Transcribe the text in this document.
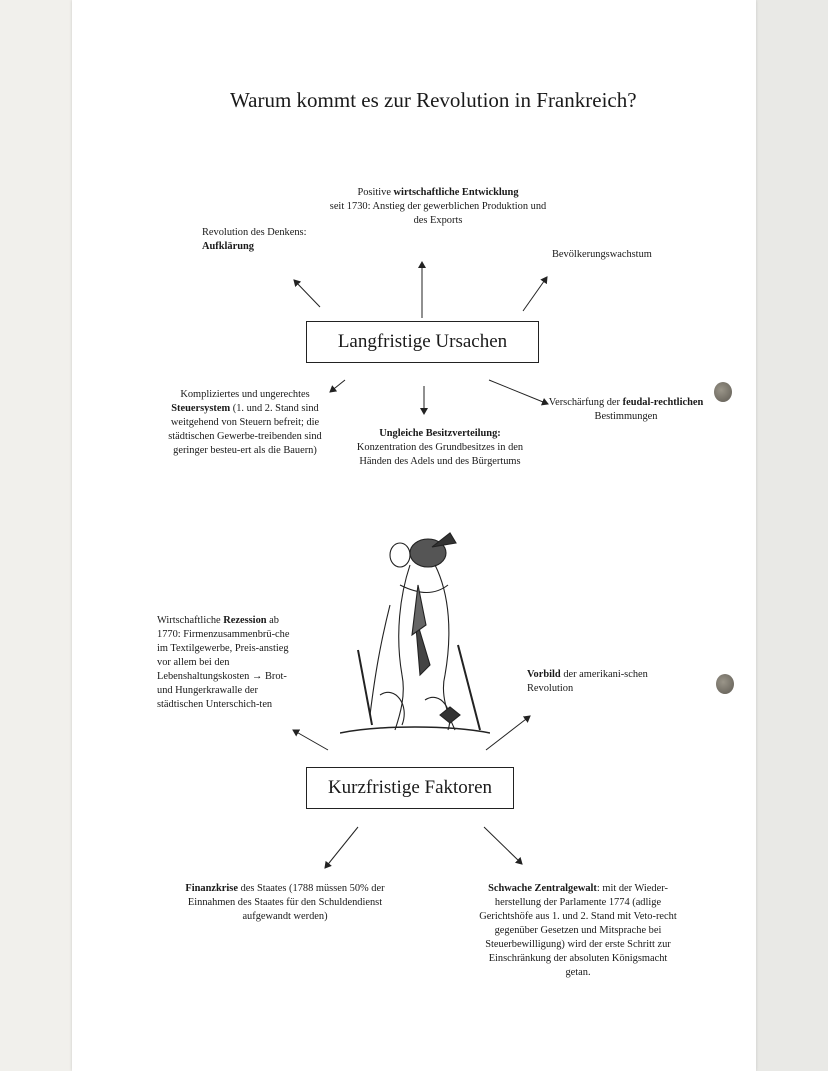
Warum kommt es zur Revolution in Frankreich?
Positive wirtschaftliche Entwicklung
seit 1730: Anstieg der gewerblichen Produktion und des Exports
Revolution des Denkens:
Aufklärung
Bevölkerungswachstum
Langfristige Ursachen
Kompliziertes und ungerechtes
Steuersystem (1. und 2. Stand sind weitgehend von Steuern befreit; die städtischen Gewerbe-treibenden sind geringer besteu-ert als die Bauern)
Ungleiche Besitzverteilung:
Konzentration des Grundbesitzes in den Händen des Adels und des Bürgertums
Verschärfung der feudal-rechtlichen Bestimmungen
Wirtschaftliche Rezession ab 1770: Firmenzusammenbrü-che im Textilgewerbe, Preis-anstieg vor allem bei den Lebenshaltungskosten → Brot- und Hungerkrawalle der städtischen Unterschich-ten
Vorbild der amerikani-schen Revolution
Kurzfristige Faktoren
Finanzkrise des Staates (1788 müssen 50% der Einnahmen des Staates für den Schuldendienst aufgewandt werden)
Schwache Zentralgewalt: mit der Wieder-herstellung der Parlamente 1774 (adlige Gerichtshöfe aus 1. und 2. Stand mit Veto-recht gegenüber Gesetzen und Mitsprache bei Steuerbewilligung) wird der erste Schritt zur Einschränkung der absoluten Königsmacht getan.
